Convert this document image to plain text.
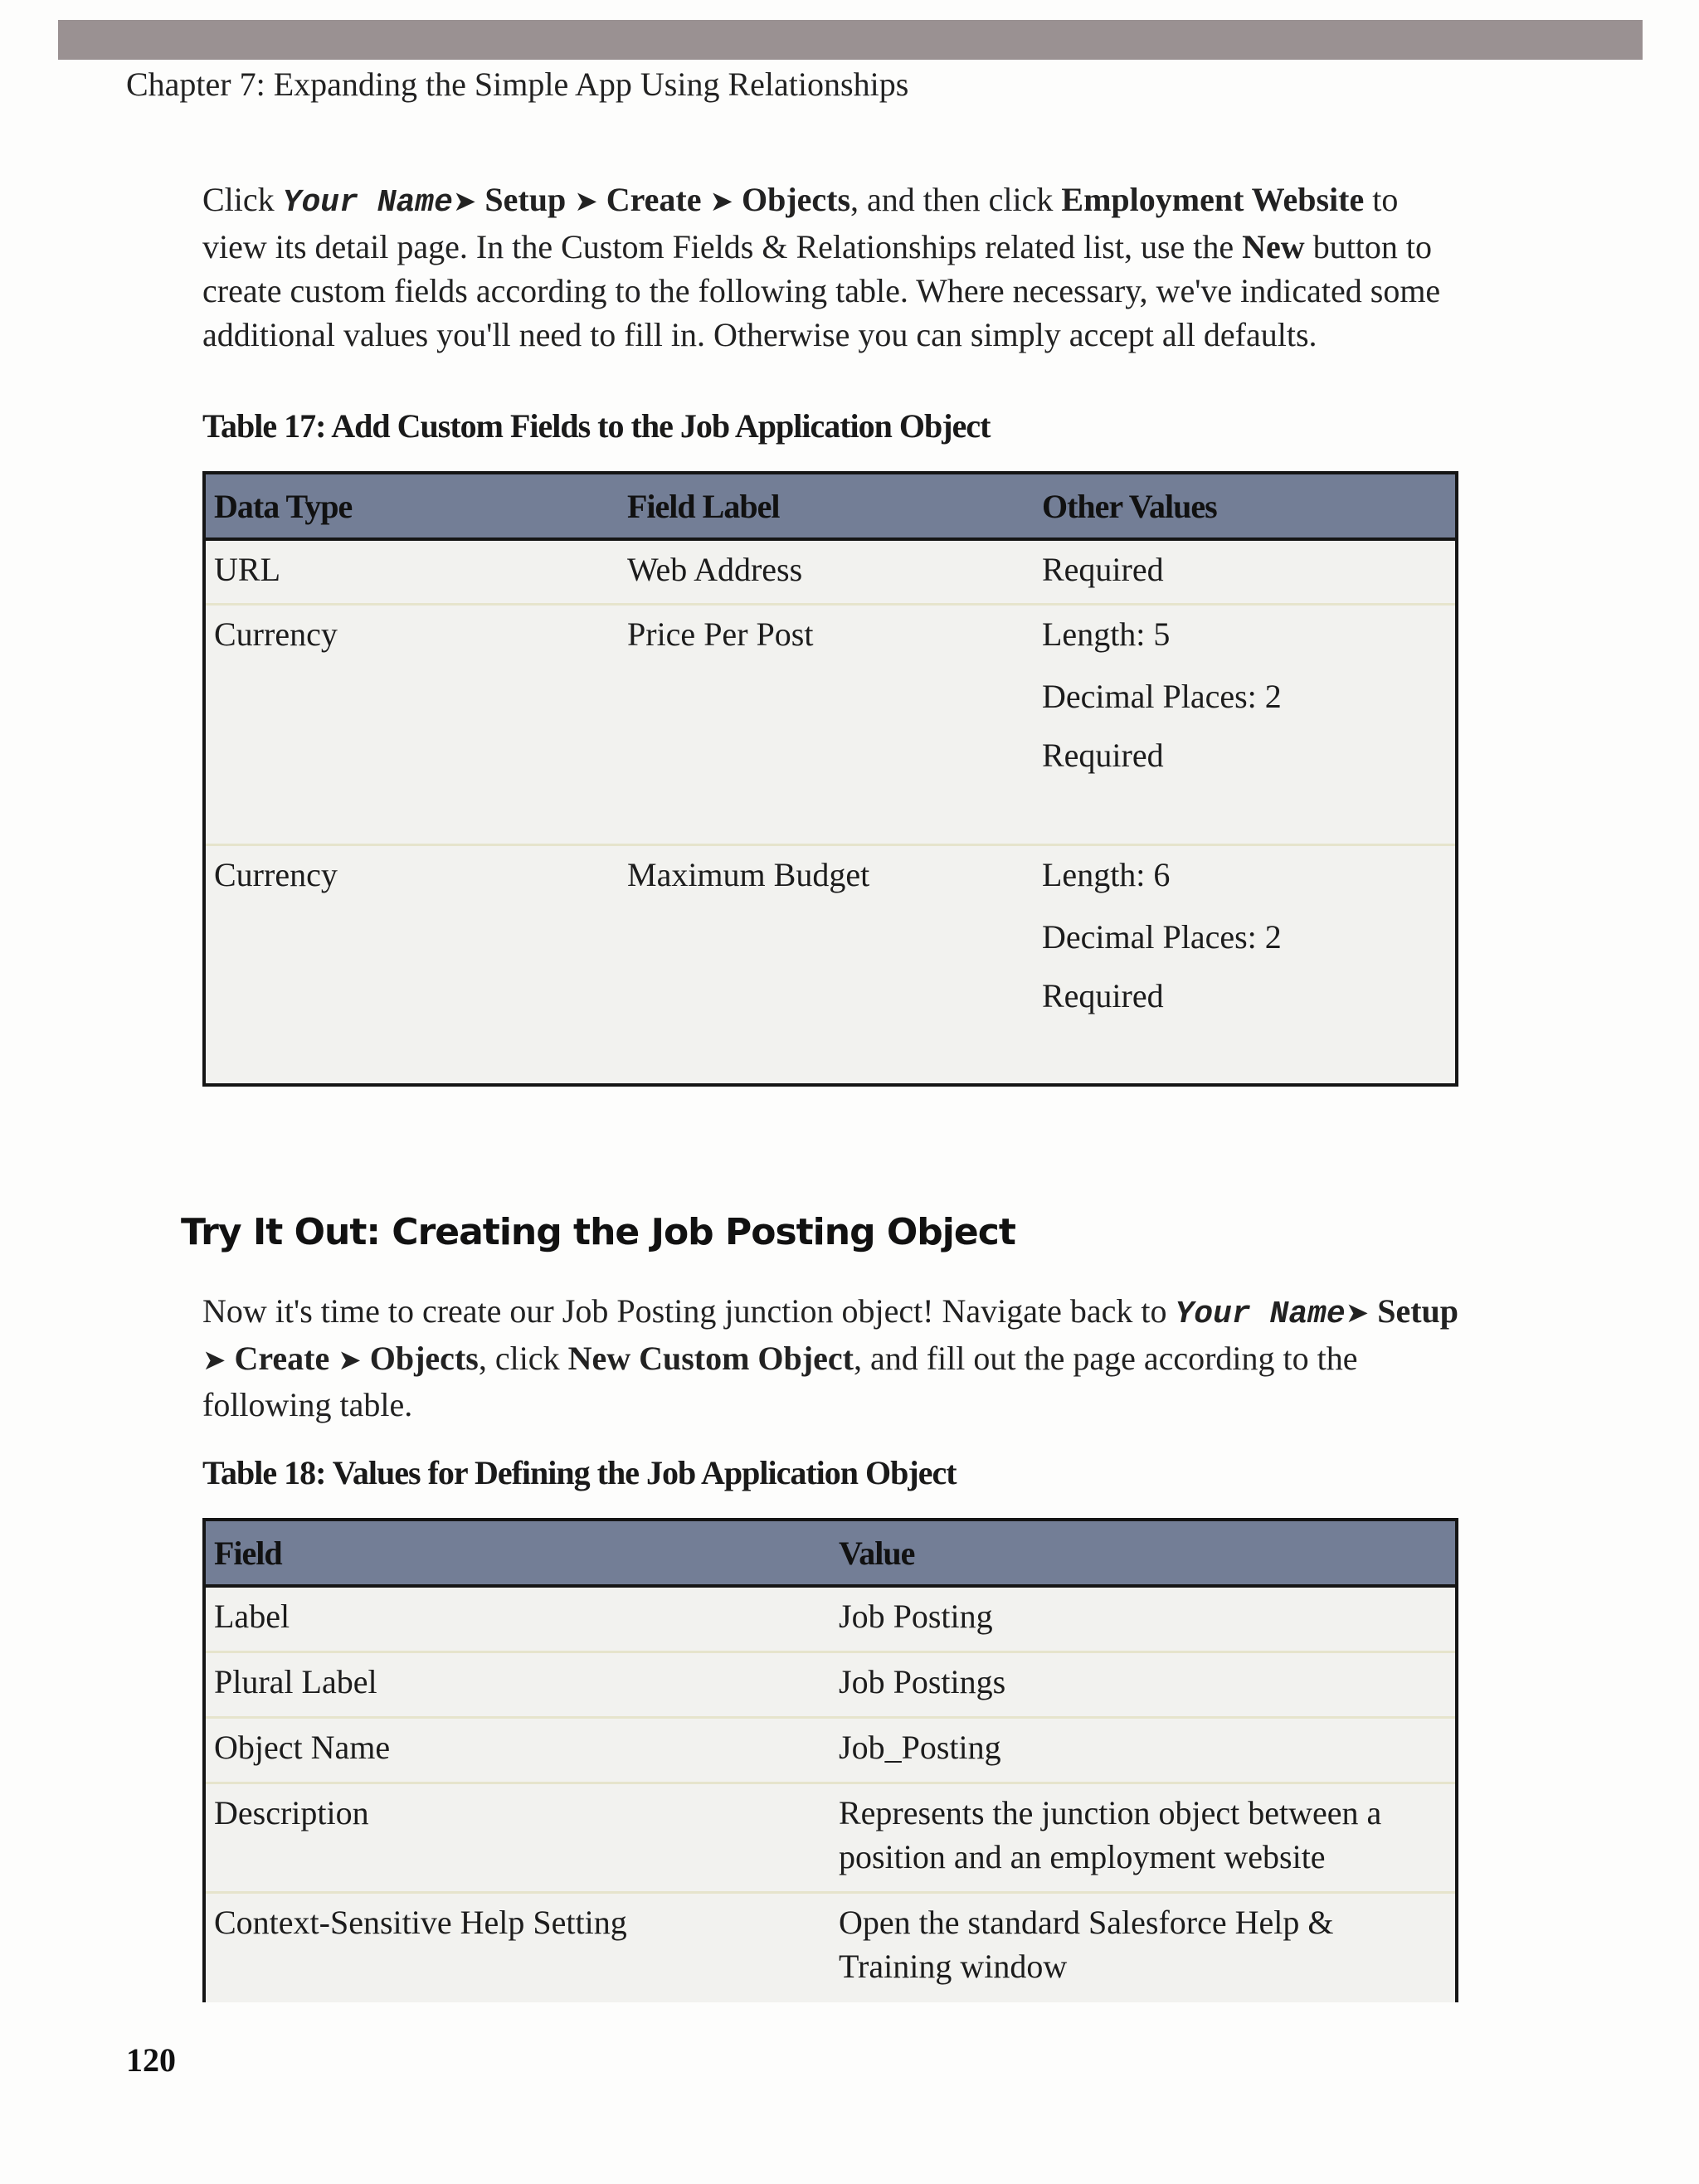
Chapter 7: Expanding the Simple App Using Relationships

Click Your Name➤ Setup ➤ Create ➤ Objects, and then click Employment Website to view its detail page. In the Custom Fields & Relationships related list, use the New button to create custom fields according to the following table. Where necessary, we've indicated some additional values you'll need to fill in. Otherwise you can simply accept all defaults.

Table 17: Add Custom Fields to the Job Application Object
Data Type	Field Label	Other Values
URL	Web Address	Required

Currency	Price Per Post	Length: 5
Decimal Places: 2
Required

Currency	Maximum Budget	Length: 6
Decimal Places: 2
Required
Try It Out: Creating the Job Posting Object

Now it's time to create our Job Posting junction object! Navigate back to Your Name➤ Setup ➤ Create ➤ Objects, click New Custom Object, and fill out the page according to the following table.

Table 18: Values for Defining the Job Application Object
Field	Value
Label	Job Posting
Plural Label	Job Postings
Object Name	Job_Posting
Description	Represents the junction object between a position and an employment website
Context-Sensitive Help Setting	Open the standard Salesforce Help & Training window
120
